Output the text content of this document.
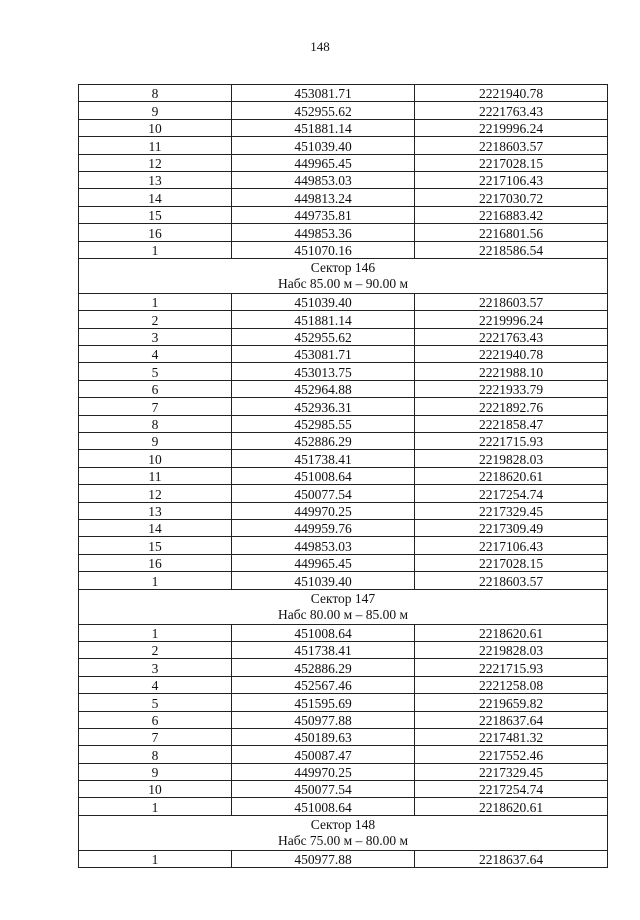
148
8	453081.71	2221940.78
9	452955.62	2221763.43
10	451881.14	2219996.24
11	451039.40	2218603.57
12	449965.45	2217028.15
13	449853.03	2217106.43
14	449813.24	2217030.72
15	449735.81	2216883.42
16	449853.36	2216801.56
1	451070.16	2218586.54

Сектор 146
Набс 85.00 м – 90.00 м		

1	451039.40	2218603.57
2	451881.14	2219996.24
3	452955.62	2221763.43
4	453081.71	2221940.78
5	453013.75	2221988.10
6	452964.88	2221933.79
7	452936.31	2221892.76
8	452985.55	2221858.47
9	452886.29	2221715.93
10	451738.41	2219828.03
11	451008.64	2218620.61
12	450077.54	2217254.74
13	449970.25	2217329.45
14	449959.76	2217309.49
15	449853.03	2217106.43
16	449965.45	2217028.15
1	451039.40	2218603.57

Сектор 147
Набс 80.00 м – 85.00 м		

1	451008.64	2218620.61
2	451738.41	2219828.03
3	452886.29	2221715.93
4	452567.46	2221258.08
5	451595.69	2219659.82
6	450977.88	2218637.64
7	450189.63	2217481.32
8	450087.47	2217552.46
9	449970.25	2217329.45
10	450077.54	2217254.74
1	451008.64	2218620.61

Сектор 148
Набс 75.00 м – 80.00 м		

1	450977.88	2218637.64
